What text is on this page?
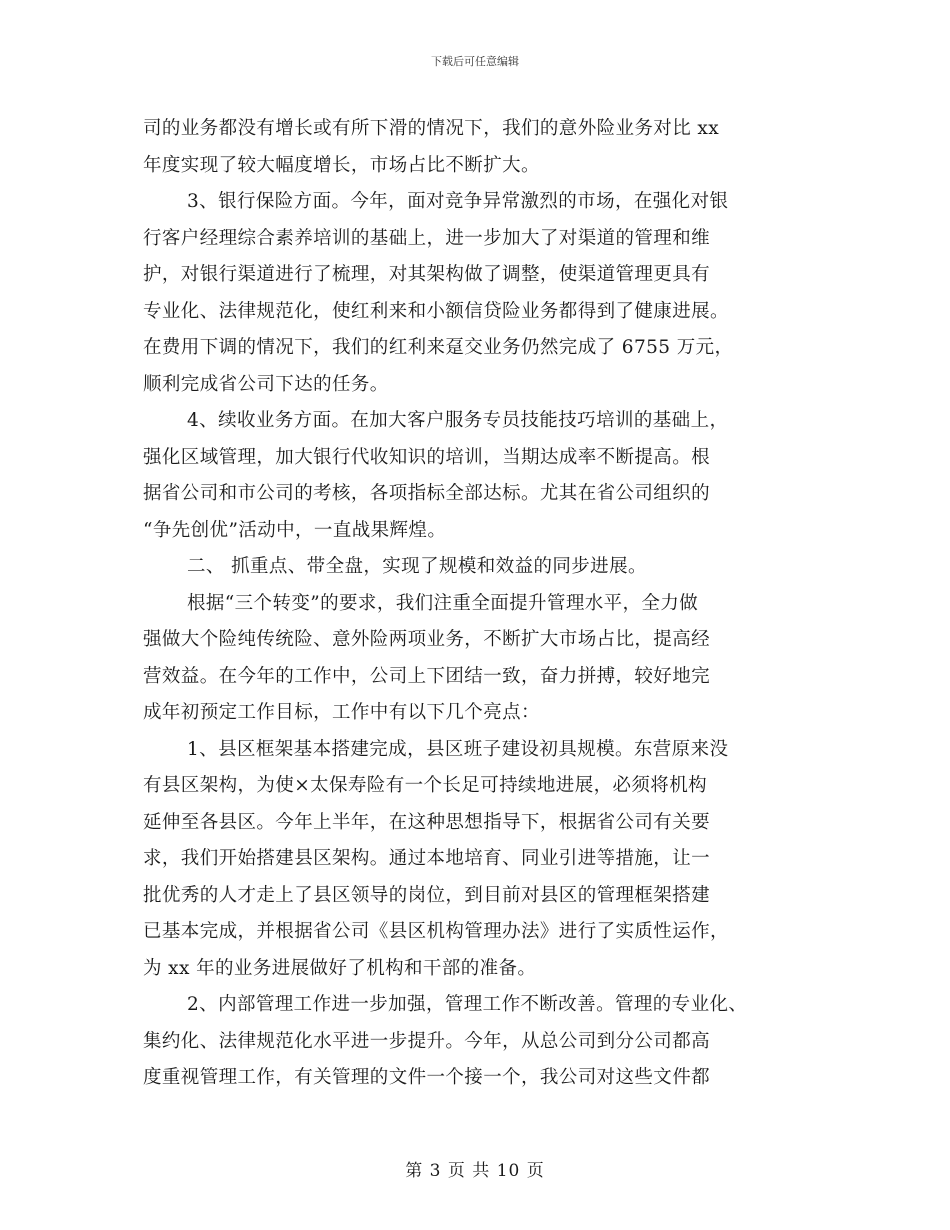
下载后可任意编辑
司的业务都没有增长或有所下滑的情况下，我们的意外险业务对比 xx
年度实现了较大幅度增长，市场占比不断扩大。
3、银行保险方面。今年，面对竞争异常激烈的市场，在强化对银
行客户经理综合素养培训的基础上，进一步加大了对渠道的管理和维
护，对银行渠道进行了梳理，对其架构做了调整，使渠道管理更具有
专业化、法律规范化，使红利来和小额信贷险业务都得到了健康进展。
在费用下调的情况下，我们的红利来趸交业务仍然完成了 6755 万元，
顺利完成省公司下达的任务。
4、续收业务方面。在加大客户服务专员技能技巧培训的基础上，
强化区域管理，加大银行代收知识的培训，当期达成率不断提高。根
据省公司和市公司的考核，各项指标全部达标。尤其在省公司组织的
“争先创优”活动中，一直战果辉煌。
二、 抓重点、带全盘，实现了规模和效益的同步进展。
根据“三个转变”的要求，我们注重全面提升管理水平，全力做
强做大个险纯传统险、意外险两项业务，不断扩大市场占比，提高经
营效益。在今年的工作中，公司上下团结一致，奋力拼搏，较好地完
成年初预定工作目标，工作中有以下几个亮点：
1、县区框架基本搭建完成，县区班子建设初具规模。东营原来没
有县区架构，为使×太保寿险有一个长足可持续地进展，必须将机构
延伸至各县区。今年上半年，在这种思想指导下，根据省公司有关要
求，我们开始搭建县区架构。通过本地培育、同业引进等措施，让一
批优秀的人才走上了县区领导的岗位，到目前对县区的管理框架搭建
已基本完成，并根据省公司《县区机构管理办法》进行了实质性运作，
为 xx 年的业务进展做好了机构和干部的准备。
2、内部管理工作进一步加强，管理工作不断改善。管理的专业化、
集约化、法律规范化水平进一步提升。今年，从总公司到分公司都高
度重视管理工作，有关管理的文件一个接一个，我公司对这些文件都
第 3 页 共 10 页
